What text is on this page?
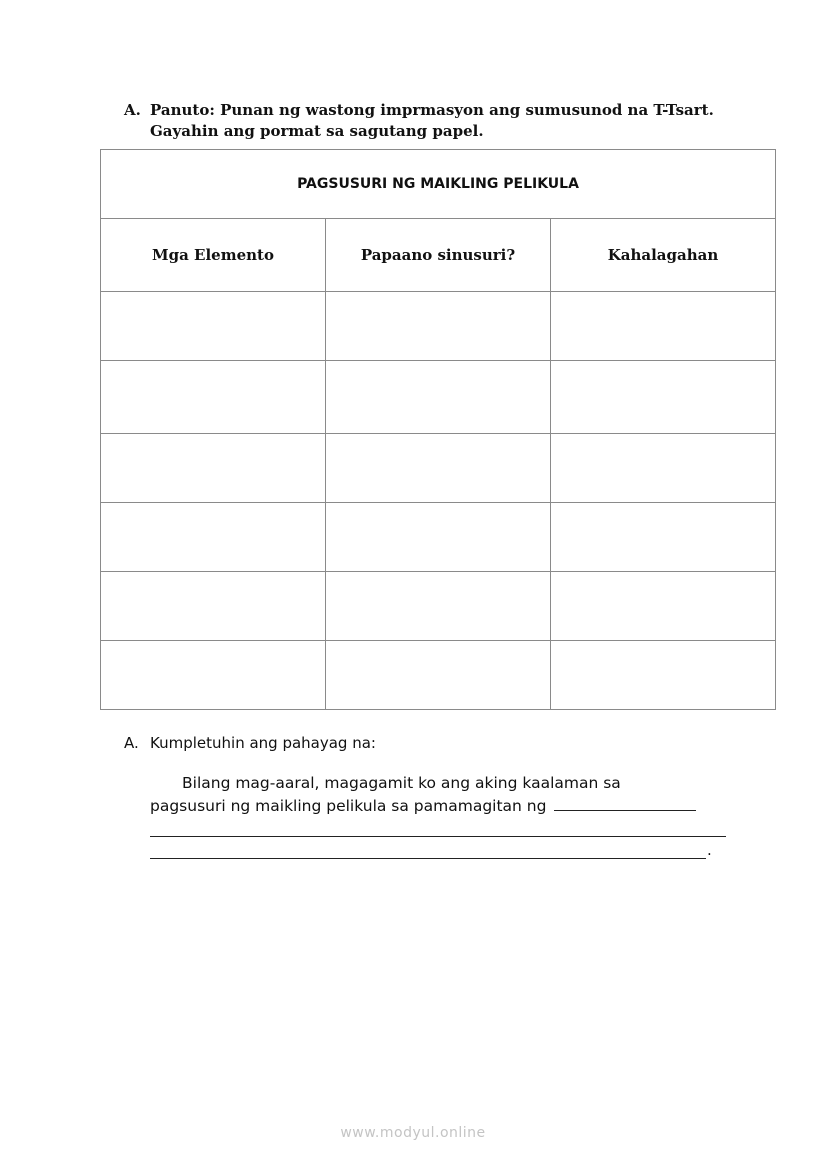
A. Panuto: Punan ng wastong imprmasyon ang sumusunod na T-Tsart. Gayahin ang pormat sa sagutang papel.
PAGSUSURI NG MAIKLING PELIKULA		
Mga Elemento	Papaano sinusuri?	Kahalagahan

A. Kumpletuhin ang pahayag na:
Bilang mag-aaral, magagamit ko ang aking kaalaman sa
pagsusuri ng maikling pelikula sa pamamagitan ng
.
www.modyul.online
